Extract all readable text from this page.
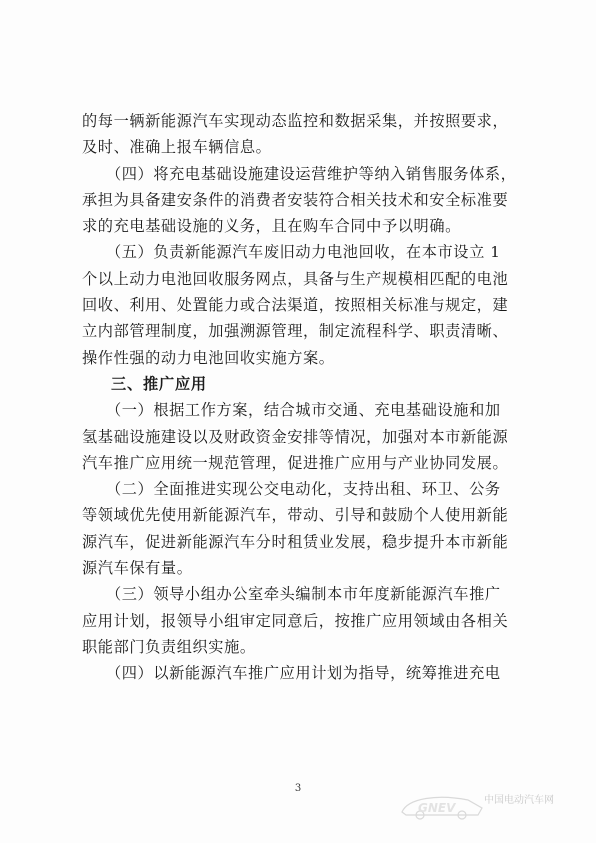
的每一辆新能源汽车实现动态监控和数据采集，并按照要求，
及时、准确上报车辆信息。
　　（四）将充电基础设施建设运营维护等纳入销售服务体系，
承担为具备建安条件的消费者安装符合相关技术和安全标准要
求的充电基础设施的义务，且在购车合同中予以明确。
　　（五）负责新能源汽车废旧动力电池回收，在本市设立 1
个以上动力电池回收服务网点，具备与生产规模相匹配的电池
回收、利用、处置能力或合法渠道，按照相关标准与规定，建
立内部管理制度，加强溯源管理，制定流程科学、职责清晰、
操作性强的动力电池回收实施方案。
三、推广应用
　　（一）根据工作方案，结合城市交通、充电基础设施和加
氢基础设施建设以及财政资金安排等情况，加强对本市新能源
汽车推广应用统一规范管理，促进推广应用与产业协同发展。
　　（二）全面推进实现公交电动化，支持出租、环卫、公务
等领域优先使用新能源汽车，带动、引导和鼓励个人使用新能
源汽车，促进新能源汽车分时租赁业发展，稳步提升本市新能
源汽车保有量。
　　（三）领导小组办公室牵头编制本市年度新能源汽车推广
应用计划，报领导小组审定同意后，按推广应用领域由各相关
职能部门负责组织实施。
　　（四）以新能源汽车推广应用计划为指导，统筹推进充电
3
GNEV
中国电动汽车网
